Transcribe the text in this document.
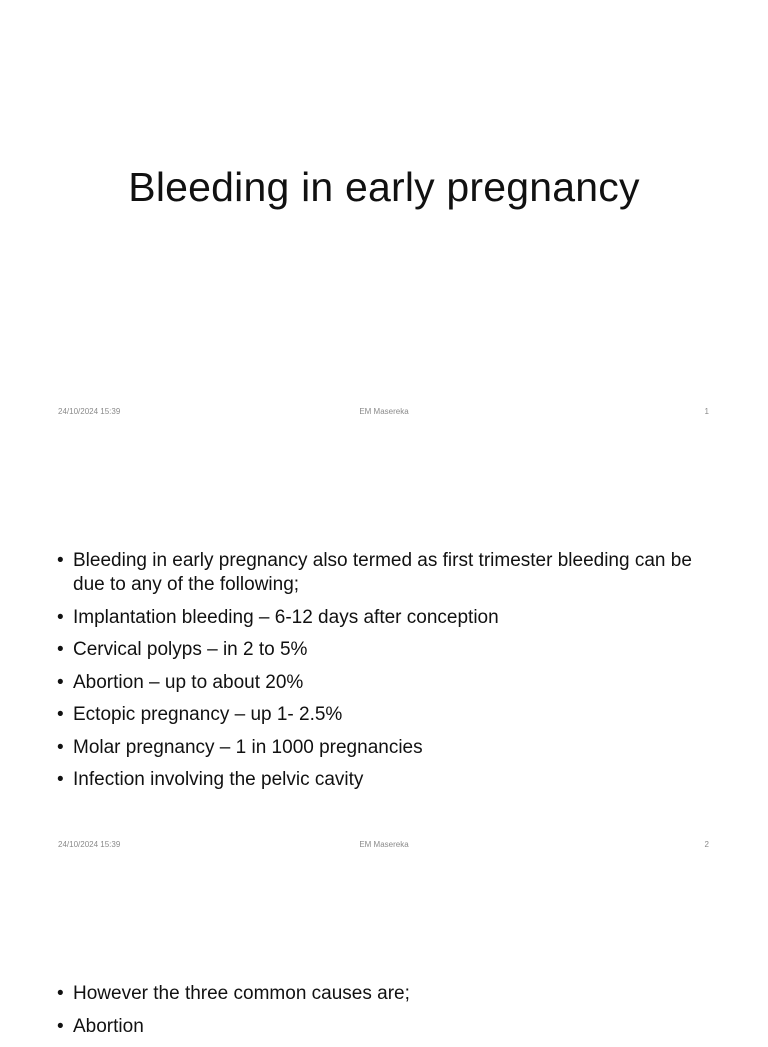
Bleeding in early pregnancy
24/10/2024 15:39	EM Masereka	1
• Bleeding in early pregnancy also termed as first trimester bleeding can be due to any of the following;
• Implantation bleeding – 6-12 days after conception
• Cervical polyps – in 2 to 5%
• Abortion – up to about 20%
• Ectopic pregnancy – up 1- 2.5%
• Molar pregnancy – 1 in 1000 pregnancies
• Infection involving the pelvic cavity
24/10/2024 15:39	EM Masereka	2
• However the three common causes are;
• Abortion
